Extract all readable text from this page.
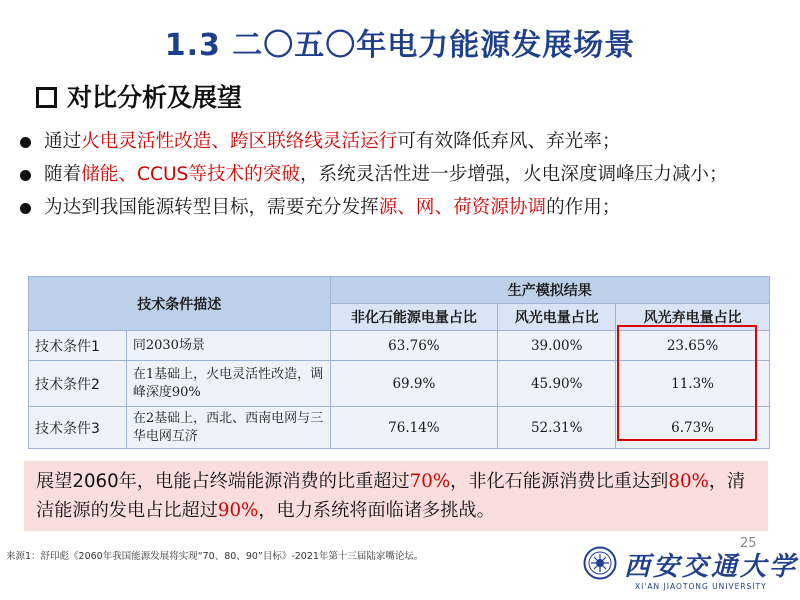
1.3 二〇五〇年电力能源发展场景
对比分析及展望
通过火电灵活性改造、跨区联络线灵活运行可有效降低弃风、弃光率；
随着储能、CCUS等技术的突破，系统灵活性进一步增强，火电深度调峰压力减小；
为达到我国能源转型目标，需要充分发挥源、网、荷资源协调的作用；
技术条件描述		生产模拟结果		
		非化石能源电量占比	风光电量占比	风光弃电量占比
技术条件1	同2030场景	63.76%	39.00%	23.65%
技术条件2	在1基础上，火电灵活性改造，调峰深度90%	69.9%	45.90%	11.3%
技术条件3	在2基础上，西北、西南电网与三华电网互济	76.14%	52.31%	6.73%
展望2060年，电能占终端能源消费的比重超过70%，非化石能源消费比重达到80%，清洁能源的发电占比超过90%，电力系统将面临诸多挑战。
来源1：舒印彪《2060年我国能源发展将实现“70、80、90”目标》-2021年第十三届陆家嘴论坛。
25
西安交通大学
XI'AN JIAOTONG UNIVERSITY
